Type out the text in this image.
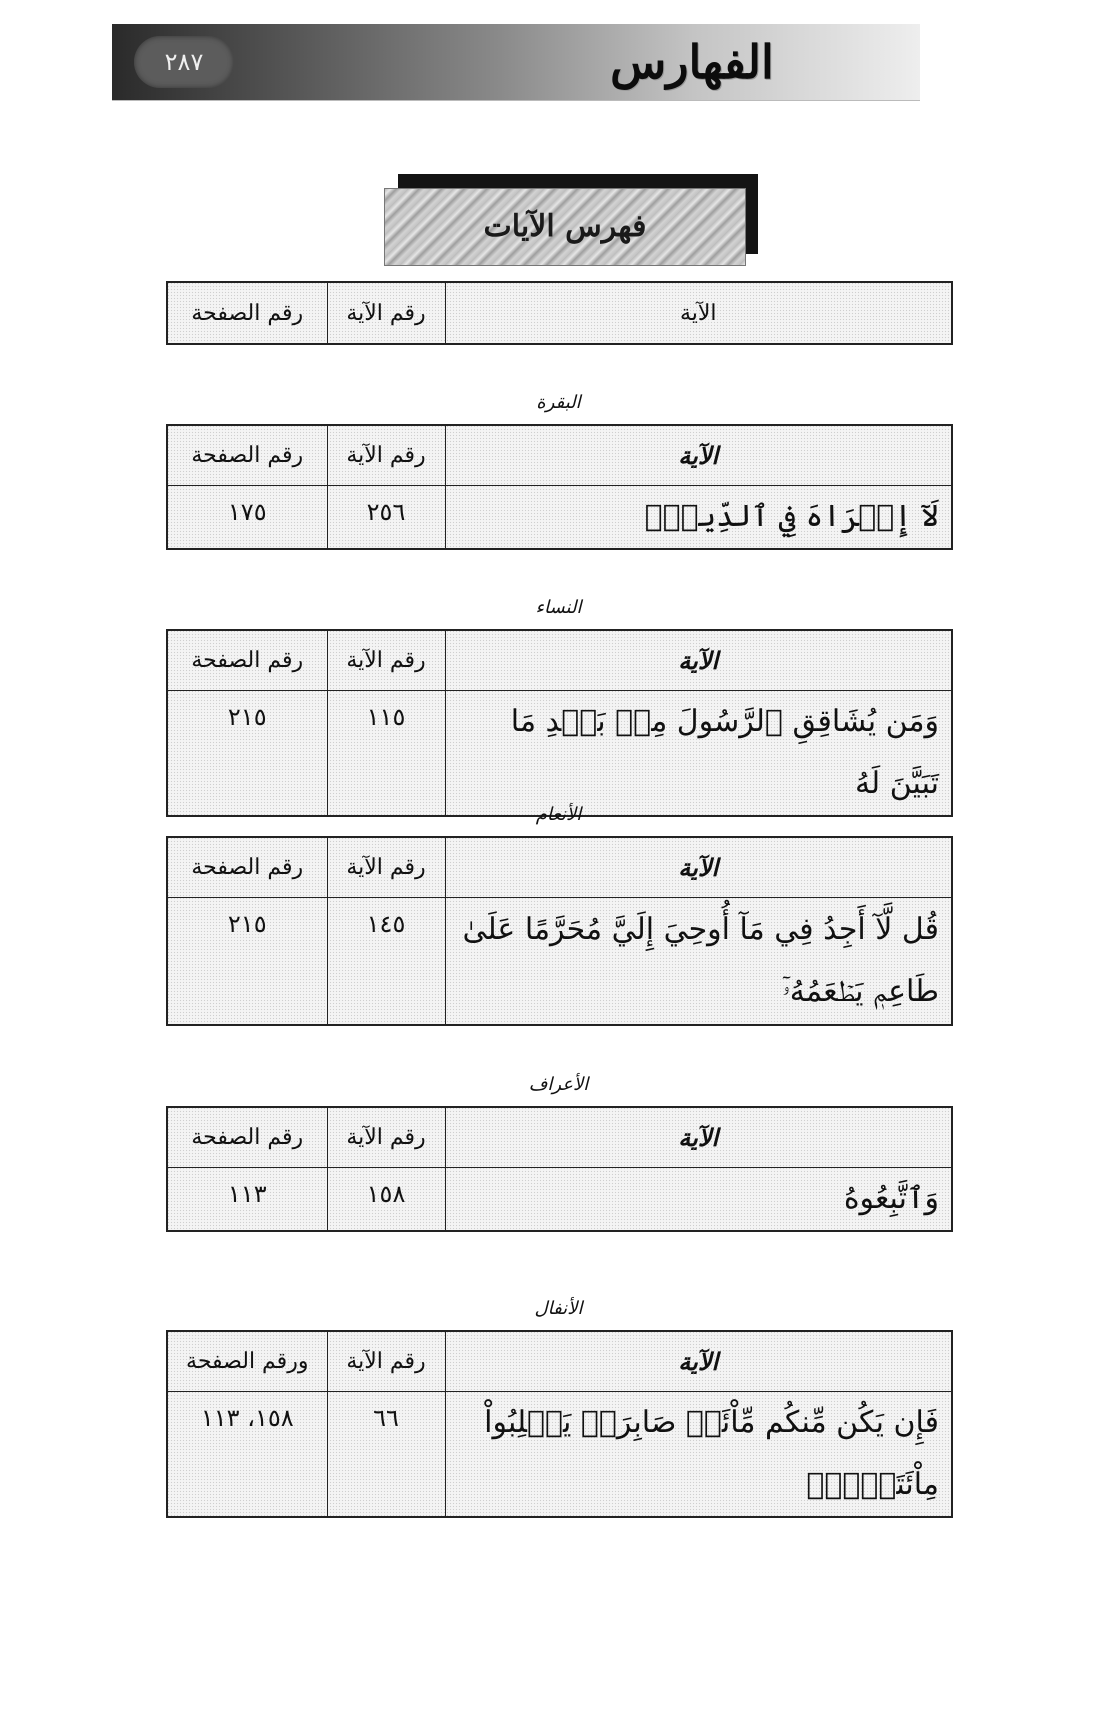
٢٨٧	الفهارس
فهرس الآيات
رقم الصفحة	رقم الآية	الآية
البقرة
رقم الصفحة	رقم الآية	الآية
١٧٥	٢٥٦	لَآ إِكۡرَاهَ فِي ٱلدِّينِۖ
النساء
رقم الصفحة	رقم الآية	الآية
٢١٥	١١٥	وَمَن يُشَاقِقِ ٱلرَّسُولَ مِنۢ بَعۡدِ مَا تَبَيَّنَ لَهُ
الأنعام
رقم الصفحة	رقم الآية	الآية
٢١٥	١٤٥	قُل لَّآ أَجِدُ فِي مَآ أُوحِيَ إِلَيَّ مُحَرَّمًا عَلَىٰ طَاعِمٖ يَطۡعَمُهُۥٓ
الأعراف
رقم الصفحة	رقم الآية	الآية
١١٣	١٥٨	وَٱتَّبِعُوهُ
الأنفال
ورقم الصفحة	رقم الآية	الآية
١٥٨، ١١٣	٦٦	فَإِن يَكُن مِّنكُم مِّاْئَةٞ صَابِرَةٞ يَغۡلِبُواْ مِاْئَتَيۡنِۚ
